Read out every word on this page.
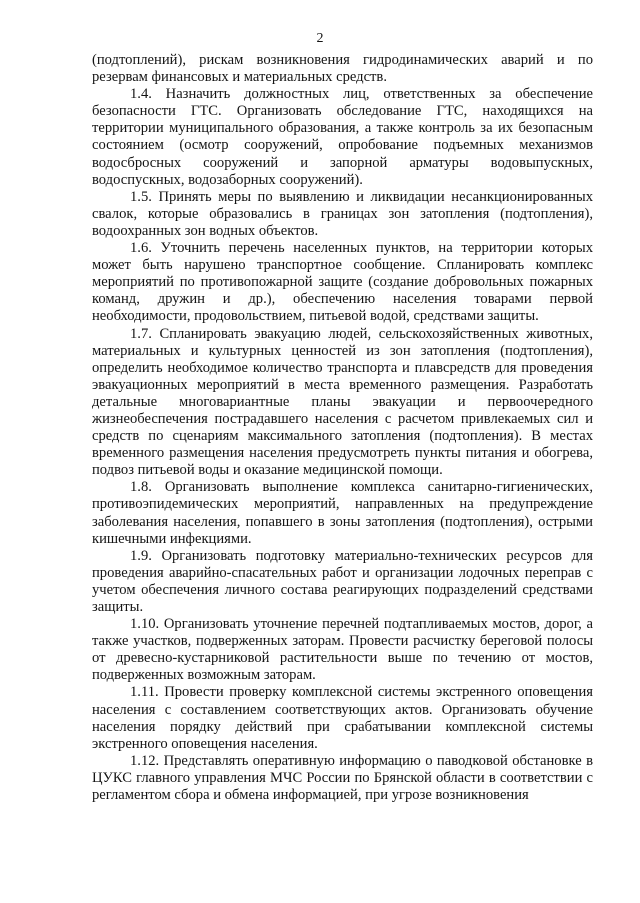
2

(подтоплений), рискам возникновения гидродинамических аварий и по резервам финансовых и материальных средств.

1.4. Назначить должностных лиц, ответственных за обеспечение безопасности ГТС. Организовать обследование ГТС, находящихся на территории муниципального образования, а также контроль за их безопасным состоянием (осмотр сооружений, опробование подъемных механизмов водосбросных сооружений и запорной арматуры водовыпускных, водоспускных, водозаборных сооружений).

1.5. Принять меры по выявлению и ликвидации несанкционированных свалок, которые образовались в границах зон затопления (подтопления), водоохранных зон водных объектов.

1.6. Уточнить перечень населенных пунктов, на территории которых может быть нарушено транспортное сообщение. Спланировать комплекс мероприятий по противопожарной защите (создание добровольных пожарных команд, дружин и др.), обеспечению населения товарами первой необходимости, продовольствием, питьевой водой, средствами защиты.

1.7. Спланировать эвакуацию людей, сельскохозяйственных животных, материальных и культурных ценностей из зон затопления (подтопления), определить необходимое количество транспорта и плавсредств для проведения эвакуационных мероприятий в места временного размещения. Разработать детальные многовариантные планы эвакуации и первоочередного жизнеобеспечения пострадавшего населения с расчетом привлекаемых сил и средств по сценариям максимального затопления (подтопления). В местах временного размещения населения предусмотреть пункты питания и обогрева, подвоз питьевой воды и оказание медицинской помощи.

1.8. Организовать выполнение комплекса санитарно-гигиенических, противоэпидемических мероприятий, направленных на предупреждение заболевания населения, попавшего в зоны затопления (подтопления), острыми кишечными инфекциями.

1.9. Организовать подготовку материально-технических ресурсов для проведения аварийно-спасательных работ и организации лодочных переправ с учетом обеспечения личного состава реагирующих подразделений средствами защиты.

1.10. Организовать уточнение перечней подтапливаемых мостов, дорог, а также участков, подверженных заторам. Провести расчистку береговой полосы от древесно-кустарниковой растительности выше по течению от мостов, подверженных возможным заторам.

1.11. Провести проверку комплексной системы экстренного оповещения населения с составлением соответствующих актов. Организовать обучение населения порядку действий при срабатывании комплексной системы экстренного оповещения населения.

1.12. Представлять оперативную информацию о паводковой обстановке в ЦУКС главного управления МЧС России по Брянской области в соответствии с регламентом сбора и обмена информацией, при угрозе возникновения
